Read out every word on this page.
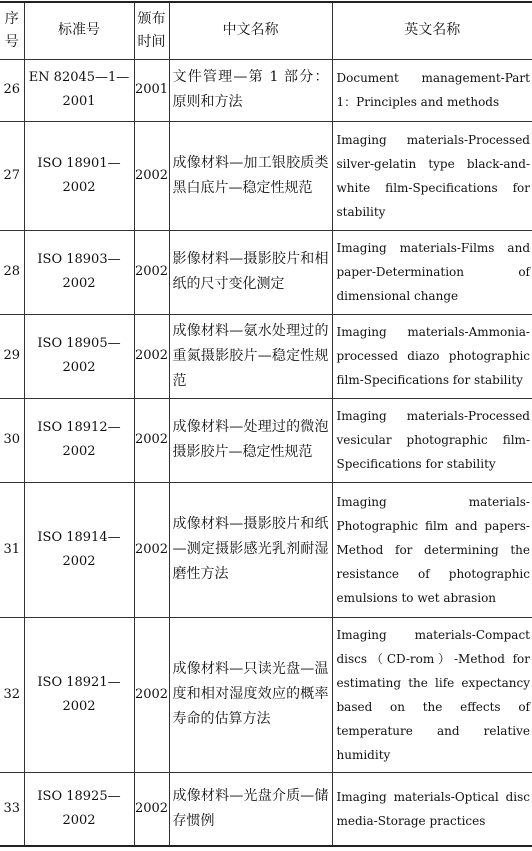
序号	标准号	颁布时间	中文名称	英文名称

26	EN 82045—1—2001	2001	文件管理—第 1 部分：原则和方法	Document management-Part 1：Principles and methods
27	ISO 18901—2002	2002	成像材料—加工银胶质类黑白底片—稳定性规范	Imaging materials-Processed silver-gelatin type black-and-white film-Specifications for stability
28	ISO 18903—2002	2002	影像材料—摄影胶片和相纸的尺寸变化测定	Imaging materials-Films and paper-Determination of dimensional change
29	ISO 18905—2002	2002	成像材料—氨水处理过的重氮摄影胶片—稳定性规范	Imaging materials-Ammonia-processed diazo photographic film-Specifications for stability
30	ISO 18912—2002	2002	成像材料—处理过的微泡摄影胶片—稳定性规范	Imaging materials-Processed vesicular photographic film-Specifications for stability
31	ISO 18914—2002	2002	成像材料—摄影胶片和纸—测定摄影感光乳剂耐湿磨性方法	Imaging materials-Photographic film and papers-Method for determining the resistance of photographic emulsions to wet abrasion
32	ISO 18921—2002	2002	成像材料—只读光盘—温度和相对湿度效应的概率寿命的估算方法	Imaging materials-Compact discs（CD-rom）-Method for estimating the life expectancy based on the effects of temperature and relative humidity
33	ISO 18925—2002	2002	成像材料—光盘介质—储存惯例	Imaging materials-Optical disc media-Storage practices
